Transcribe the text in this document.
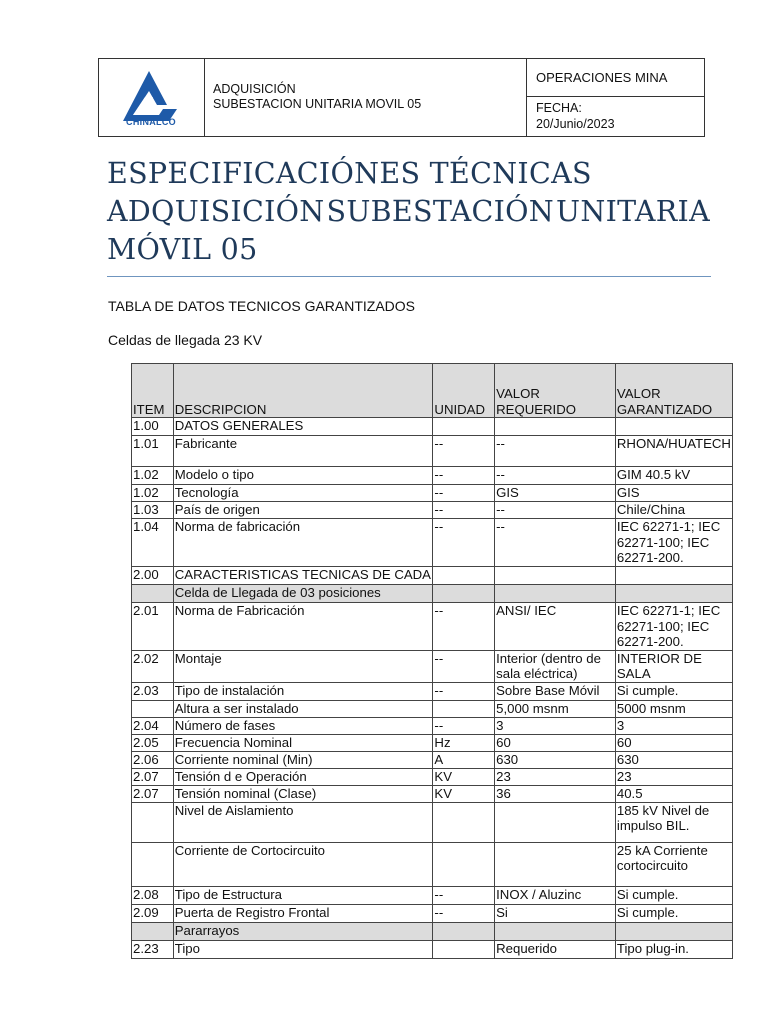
CHINALCO
ADQUISICIÓN
SUBESTACION UNITARIA MOVIL 05
OPERACIONES MINA
FECHA:
20/Junio/2023
ESPECIFICACIÓNES TÉCNICAS
ADQUISICIÓN SUBESTACIÓN UNITARIA
MÓVIL 05
TABLA DE DATOS TECNICOS GARANTIZADOS
Celdas de llegada 23 KV
ITEM	DESCRIPCION	UNIDAD	VALOR REQUERIDO	VALOR GARANTIZADO
1.00	DATOS GENERALES			
1.01	Fabricante	--	--	RHONA/HUATECH
1.02	Modelo o tipo	--	--	GIM 40.5 kV
1.02	Tecnología	--	GIS	GIS
1.03	País de origen	--	--	Chile/China
1.04	Norma de fabricación	--	--	IEC 62271-1; IEC 62271-100; IEC 62271-200.
2.00	CARACTERISTICAS TECNICAS DE CADA			
	Celda de Llegada de 03 posiciones			
2.01	Norma de Fabricación	--	ANSI/ IEC	IEC 62271-1; IEC 62271-100; IEC 62271-200.
2.02	Montaje	--	Interior (dentro de sala eléctrica)	INTERIOR DE SALA
2.03	Tipo de instalación	--	Sobre Base Móvil	Si cumple.
	Altura a ser instalado		5,000 msnm	5000 msnm
2.04	Número de fases	--	3	3
2.05	Frecuencia Nominal	Hz	60	60
2.06	Corriente nominal (Min)	A	630	630
2.07	Tensión d e Operación	KV	23	23
2.07	Tensión nominal (Clase)	KV	36	40.5
	Nivel de Aislamiento			185 kV Nivel de impulso BIL.
	Corriente de Cortocircuito			25 kA Corriente cortocircuito
2.08	Tipo de Estructura	--	INOX / Aluzinc	Si cumple.
2.09	Puerta de Registro Frontal	--	Si	Si cumple.
	Pararrayos			
2.23	Tipo		Requerido	Tipo plug-in.
